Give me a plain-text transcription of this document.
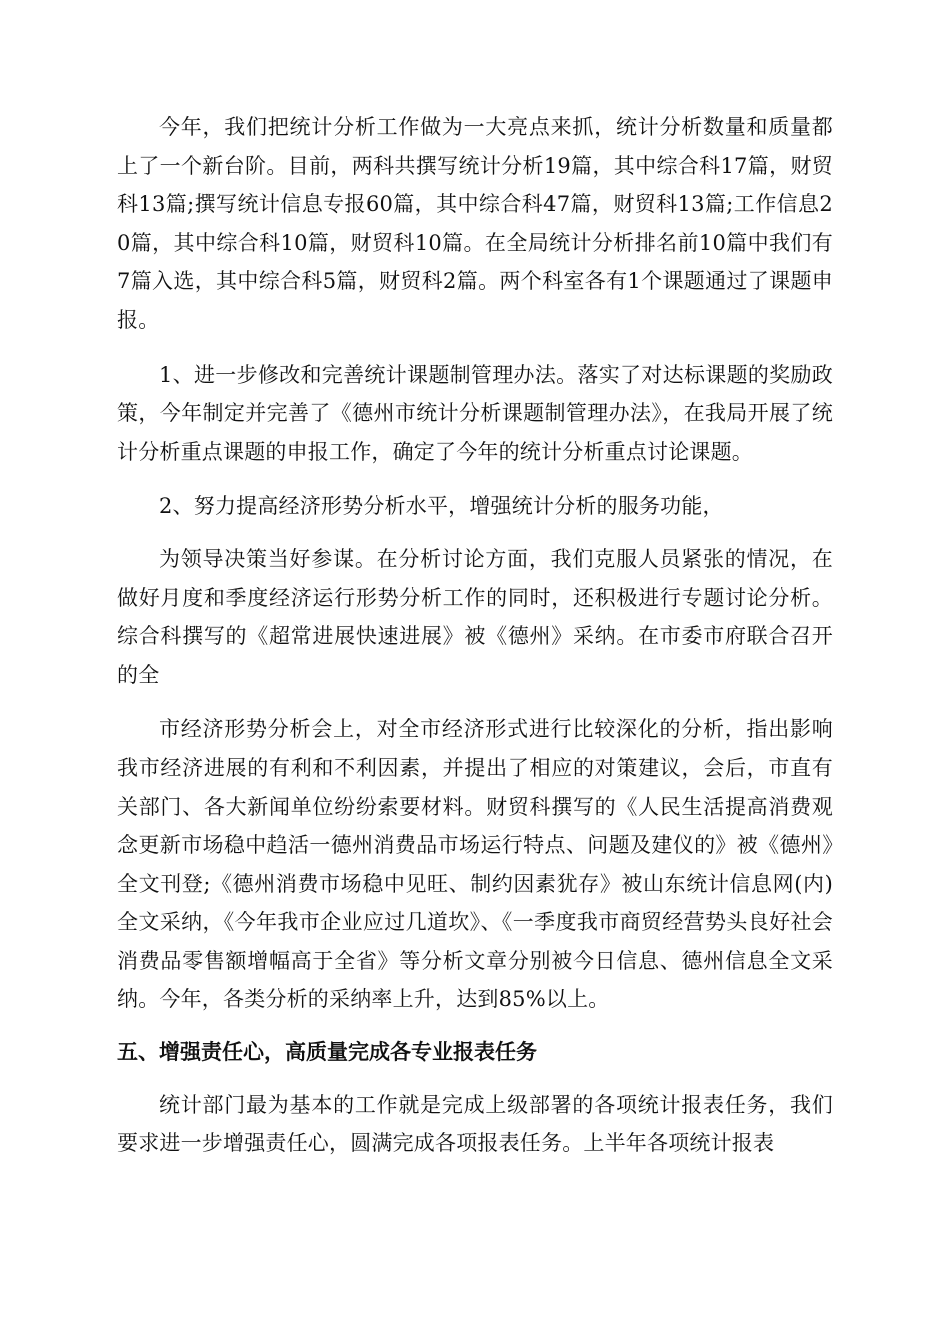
今年，我们把统计分析工作做为一大亮点来抓，统计分析数量和质量都上了一个新台阶。目前，两科共撰写统计分析19篇，其中综合科17篇，财贸科13篇;撰写统计信息专报60篇，其中综合科47篇，财贸科13篇;工作信息20篇，其中综合科10篇，财贸科10篇。在全局统计分析排名前10篇中我们有7篇入选，其中综合科5篇，财贸科2篇。两个科室各有1个课题通过了课题申报。

1、进一步修改和完善统计课题制管理办法。落实了对达标课题的奖励政策，今年制定并完善了《德州市统计分析课题制管理办法》，在我局开展了统计分析重点课题的申报工作，确定了今年的统计分析重点讨论课题。

2、努力提高经济形势分析水平，增强统计分析的服务功能，

为领导决策当好参谋。在分析讨论方面，我们克服人员紧张的情况，在做好月度和季度经济运行形势分析工作的同时，还积极进行专题讨论分析。综合科撰写的《超常进展快速进展》被《德州》采纳。在市委市府联合召开的全

市经济形势分析会上，对全市经济形式进行比较深化的分析，指出影响我市经济进展的有利和不利因素，并提出了相应的对策建议，会后，市直有关部门、各大新闻单位纷纷索要材料。财贸科撰写的《人民生活提高消费观念更新市场稳中趋活一德州消费品市场运行特点、问题及建仪的》被《德州》全文刊登;《德州消费市场稳中见旺、制约因素犹存》被山东统计信息网(内)全文采纳，《今年我市企业应过几道坎》、《一季度我市商贸经营势头良好社会消费品零售额增幅高于全省》等分析文章分别被今日信息、德州信息全文采纳。今年，各类分析的采纳率上升，达到85%以上。

五、增强责任心，高质量完成各专业报表任务

统计部门最为基本的工作就是完成上级部署的各项统计报表任务，我们要求进一步增强责任心，圆满完成各项报表任务。上半年各项统计报表
